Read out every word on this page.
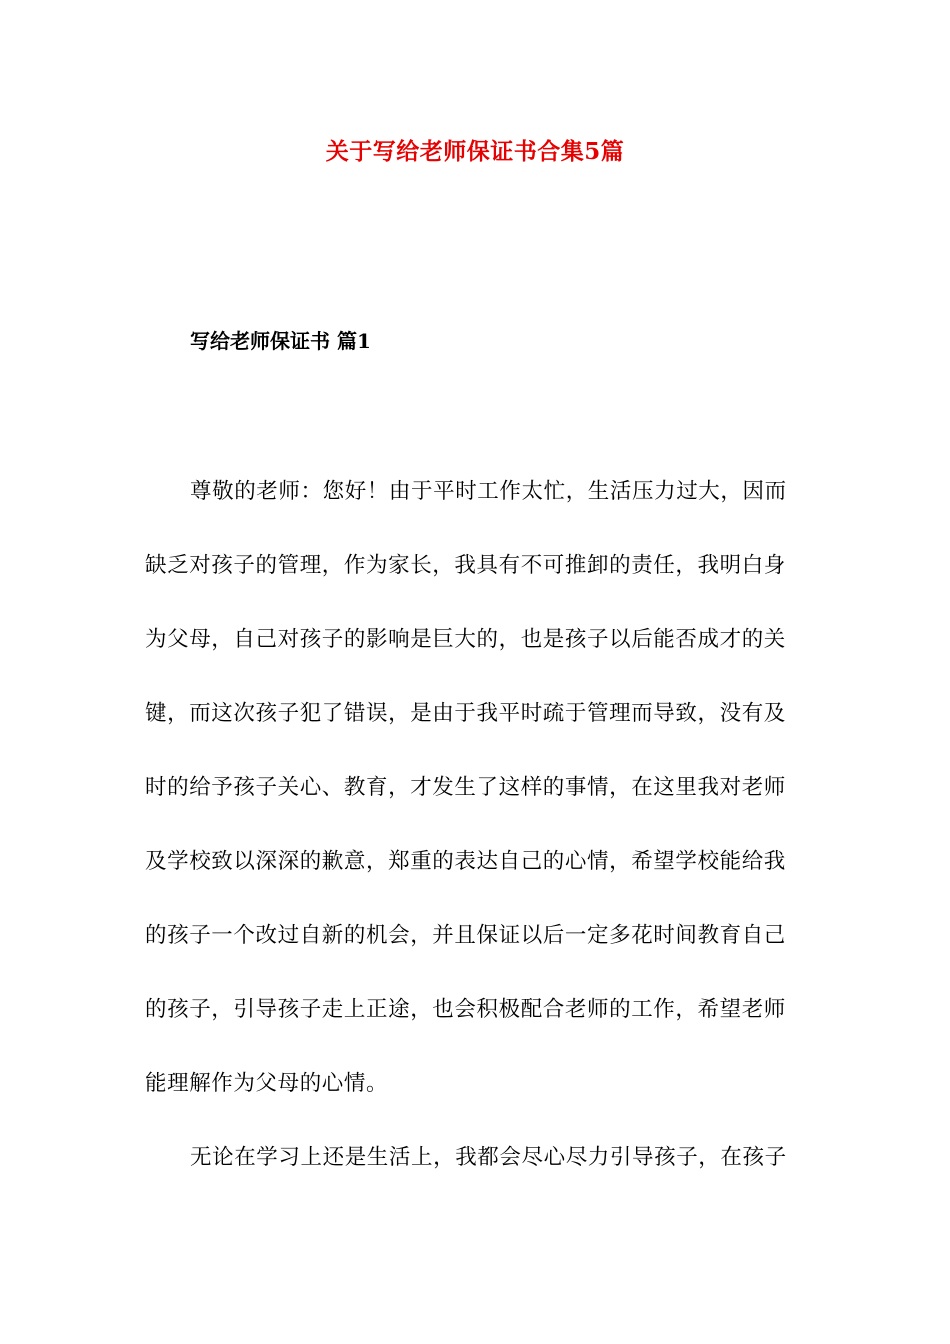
关于写给老师保证书合集5篇
写给老师保证书 篇1

尊敬的老师：您好！由于平时工作太忙，生活压力过大，因而

缺乏对孩子的管理，作为家长，我具有不可推卸的责任，我明白身

为父母，自己对孩子的影响是巨大的，也是孩子以后能否成才的关

键，而这次孩子犯了错误，是由于我平时疏于管理而导致，没有及

时的给予孩子关心、教育，才发生了这样的事情，在这里我对老师

及学校致以深深的歉意，郑重的表达自己的心情，希望学校能给我

的孩子一个改过自新的机会，并且保证以后一定多花时间教育自己

的孩子，引导孩子走上正途，也会积极配合老师的工作，希望老师

能理解作为父母的心情。

无论在学习上还是生活上，我都会尽心尽力引导孩子，在孩子
